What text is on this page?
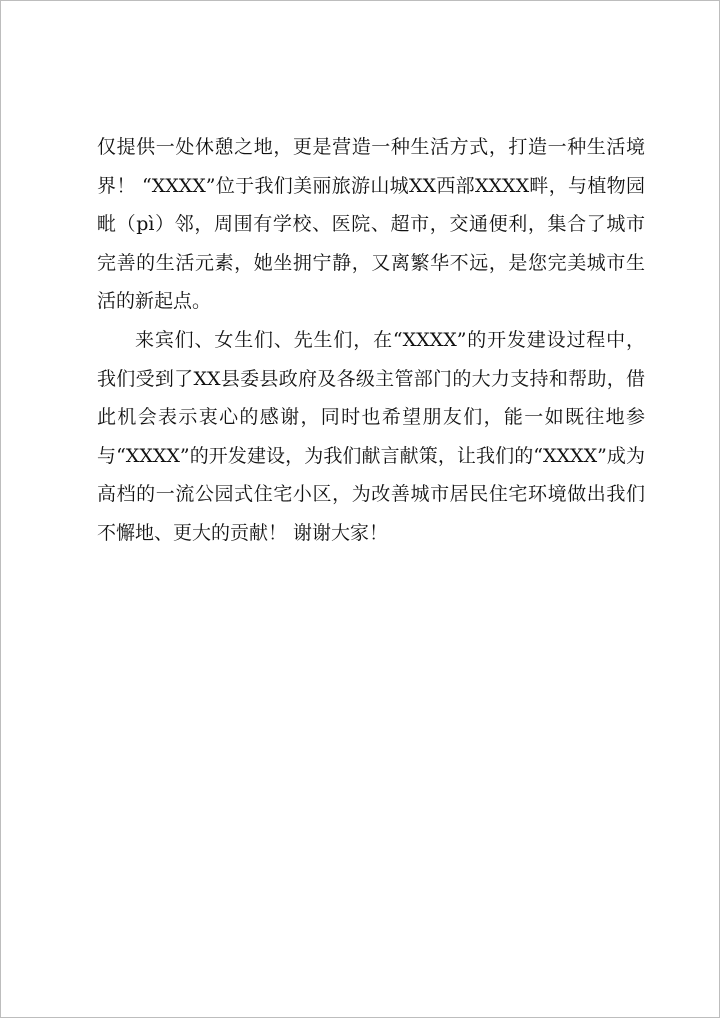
仅提供一处休憩之地，更是营造一种生活方式，打造一种生活境界！ “XXXX”位于我们美丽旅游山城XX西部XXXX畔，与植物园毗（pì）邻，周围有学校、医院、超市，交通便利，集合了城市完善的生活元素，她坐拥宁静，又离繁华不远，是您完美城市生活的新起点。

来宾们、女生们、先生们，在“XXXX”的开发建设过程中，我们受到了XX县委县政府及各级主管部门的大力支持和帮助，借此机会表示衷心的感谢，同时也希望朋友们，能一如既往地参与“XXXX”的开发建设，为我们献言献策，让我们的“XXXX”成为高档的一流公园式住宅小区，为改善城市居民住宅环境做出我们不懈地、更大的贡献！ 谢谢大家！
